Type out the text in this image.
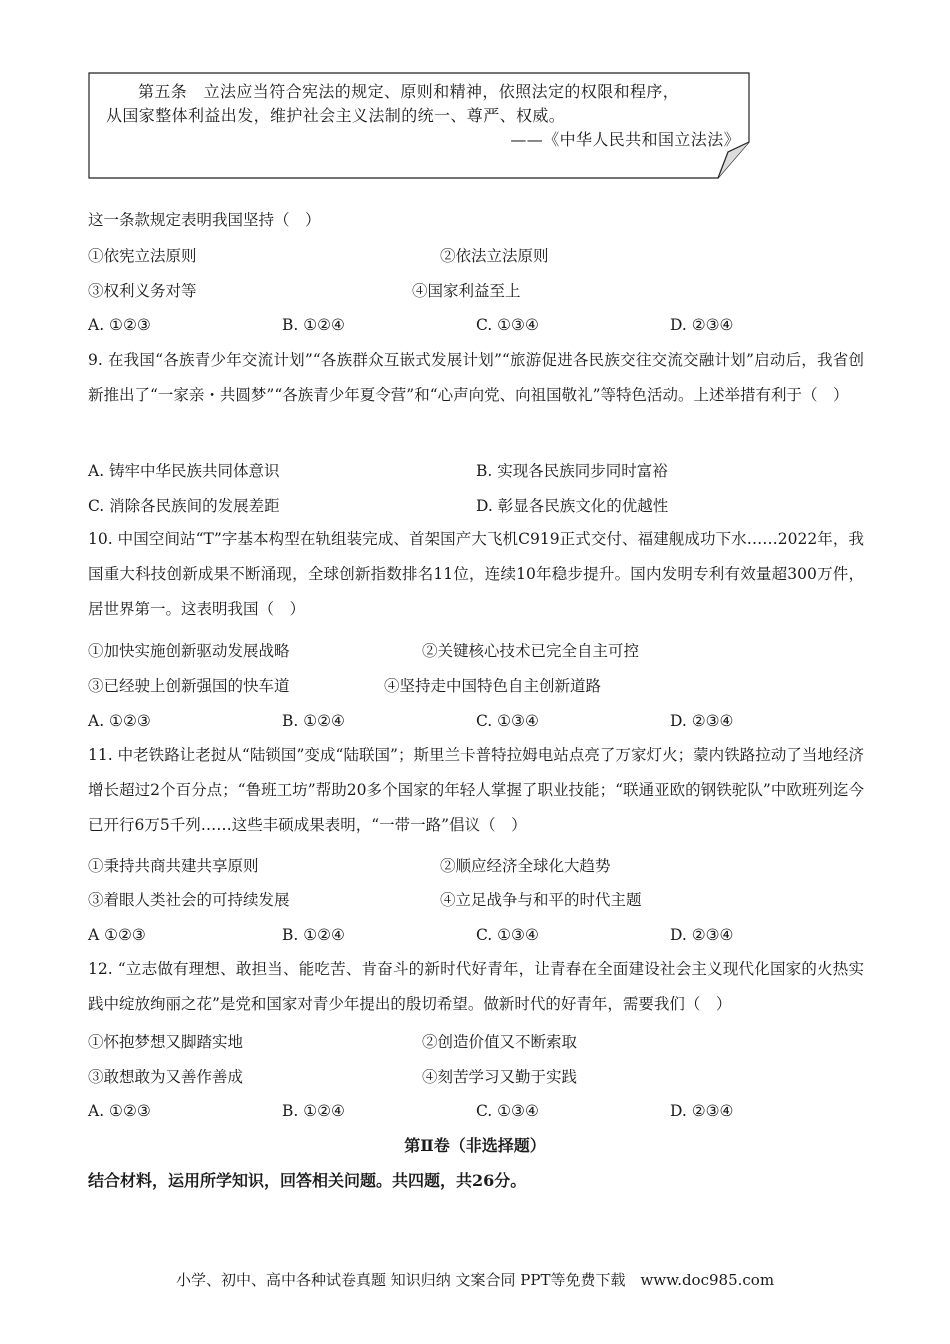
第五条　立法应当符合宪法的规定、原则和精神，依照法定的权限和程序，
从国家整体利益出发，维护社会主义法制的统一、尊严、权威。
——《中华人民共和国立法法》
这一条款规定表明我国坚持（　）
①依宪立法原则	②依法立法原则
③权利义务对等	④国家利益至上
A. ①②③	B. ①②④	C. ①③④	D. ②③④
9. 在我国“各族青少年交流计划”“各族群众互嵌式发展计划”“旅游促进各民族交往交流交融计划”启动后，我省创新推出了“一家亲・共圆梦”“各族青少年夏令营”和“心声向党、向祖国敬礼”等特色活动。上述举措有利于（　）
A. 铸牢中华民族共同体意识	B. 实现各民族同步同时富裕
C. 消除各民族间的发展差距	D. 彰显各民族文化的优越性
10. 中国空间站“T”字基本构型在轨组装完成、首架国产大飞机C919正式交付、福建舰成功下水……2022年，我国重大科技创新成果不断涌现，全球创新指数排名11位，连续10年稳步提升。国内发明专利有效量超300万件，居世界第一。这表明我国（　）
①加快实施创新驱动发展战略	②关键核心技术已完全自主可控
③已经驶上创新强国的快车道	④坚持走中国特色自主创新道路
A. ①②③	B. ①②④	C. ①③④	D. ②③④
11. 中老铁路让老挝从“陆锁国”变成“陆联国”；斯里兰卡普特拉姆电站点亮了万家灯火；蒙内铁路拉动了当地经济增长超过2个百分点；“鲁班工坊”帮助20多个国家的年轻人掌握了职业技能；“联通亚欧的钢铁驼队”中欧班列迄今已开行6万5千列……这些丰硕成果表明，“一带一路”倡议（　）
①秉持共商共建共享原则	②顺应经济全球化大趋势
③着眼人类社会的可持续发展	④立足战争与和平的时代主题
A ①②③	B. ①②④	C. ①③④	D. ②③④
12. “立志做有理想、敢担当、能吃苦、肯奋斗的新时代好青年，让青春在全面建设社会主义现代化国家的火热实践中绽放绚丽之花”是党和国家对青少年提出的殷切希望。做新时代的好青年，需要我们（　）
①怀抱梦想又脚踏实地	②创造价值又不断索取
③敢想敢为又善作善成	④刻苦学习又勤于实践
A. ①②③	B. ①②④	C. ①③④	D. ②③④
第Ⅱ卷（非选择题）
结合材料，运用所学知识，回答相关问题。共四题，共26分。
小学、初中、高中各种试卷真题 知识归纳 文案合同 PPT等免费下载　www.doc985.com
